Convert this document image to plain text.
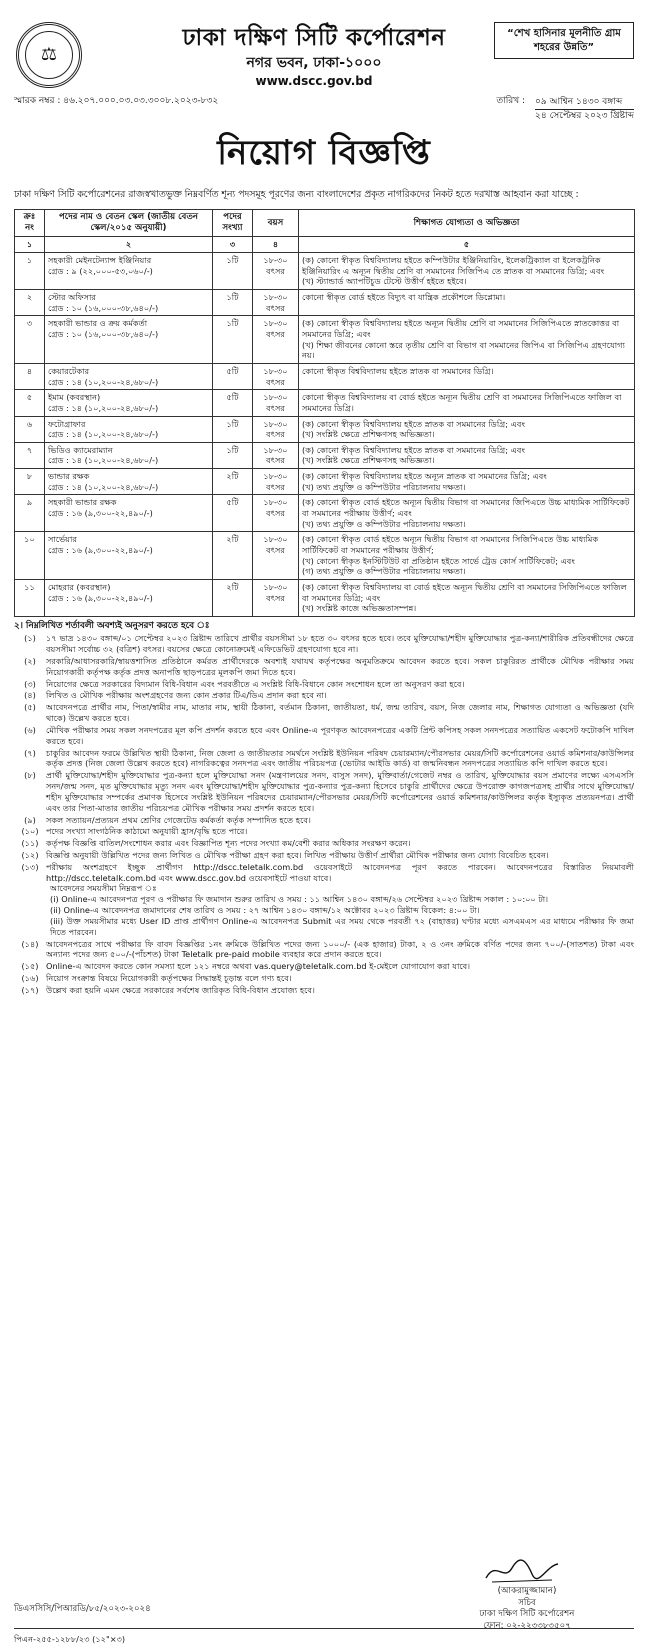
⚖
ঢাকা দক্ষিণ সিটি কর্পোরেশন
নগর ভবন, ঢাকা-১০০০
www.dscc.gov.bd
“শেখ হাসিনার মূলনীতি গ্রাম শহরের উন্নতি”
স্মারক নম্বর : ৪৬.২০৭.০০০.০৩.০৩.৩০০৮.২০২৩-৮৩২	তারিখ : ০৯ আশ্বিন ১৪৩০ বঙ্গাব্দ
২৪ সেপ্টেম্বর ২০২৩ খ্রিষ্টাব্দ
নিয়োগ বিজ্ঞপ্তি
ঢাকা দক্ষিণ সিটি কর্পোরেশনের রাজস্বখাতভুক্ত নিম্নবর্ণিত শূন্য পদসমূহ পূরণের জন্য বাংলাদেশের প্রকৃত নাগরিকদের নিকট হতে দরখাস্ত আহবান করা যাচ্ছে :
ক্রঃ নং	পদের নাম ও বেতন স্কেল (জাতীয় বেতন স্কেল/২০১৫ অনুযায়ী)	পদের সংখ্যা	বয়স	শিক্ষাগত যোগ্যতা ও অভিজ্ঞতা
১	২	৩	৪	৫
১	সহকারী মেইনটেন্যান্স ইঞ্জিনিয়ার
গ্রেড : ৯ (২২,০০০-৫৩,০৬০/-)	১টি	১৮-৩০ বৎসর	(ক) কোনো স্বীকৃত বিশ্ববিদ্যালয় হইতে কম্পিউটার ইঞ্জিনিয়ারিং, ইলেকট্রিক্যাল বা ইলেকট্রনিক ইঞ্জিনিয়ারিং এ অন্যূন দ্বিতীয় শ্রেণি বা সমমানের সিজিপিএ তে স্নাতক বা সমমানের ডিগ্রি; এবং
(খ) স্ট্যান্ডার্ড অ্যাপটিচুড টেস্টে উত্তীর্ণ হইতে হইবে।

২	স্টোর অফিসার
গ্রেড : ১০ (১৬,০০০-৩৮,৬৪০/-)	১টি	১৮-৩০ বৎসর	কোনো স্বীকৃত বোর্ড হইতে বিদ্যুৎ বা যান্ত্রিক প্রকৌশলে ডিপ্লোমা।

৩	সহকারী ভান্ডার ও ক্রয় কর্মকর্তা
গ্রেড : ১০ (১৬,০০০-৩৮,৬৪০/-)	১টি	১৮-৩০ বৎসর	(ক) কোনো স্বীকৃত বিশ্ববিদ্যালয় হইতে অন্যূন দ্বিতীয় শ্রেণি বা সমমানের সিজিপিএতে স্নাতকোত্তর বা সমমানের ডিগ্রি; এবং
(খ) শিক্ষা জীবনের কোনো স্তরে তৃতীয় শ্রেণি বা বিভাগ বা সমমানের জিপিএ বা সিজিপিএ গ্রহণযোগ্য নয়।

৪	কেয়ারটেকার
গ্রেড : ১৪ (১০,২০০-২৪,৬৮০/-)	৫টি	১৮-৩০ বৎসর	কোনো স্বীকৃত বিশ্ববিদ্যালয় হইতে স্নাতক বা সমমানের ডিগ্রি।

৫	ইমাম (কবরস্থান)
গ্রেড : ১৪ (১০,২০০-২৪,৬৮০/-)	৫টি	১৮-৩০ বৎসর	কোনো স্বীকৃত বিশ্ববিদ্যালয় বা বোর্ড হইতে অন্যূন দ্বিতীয় শ্রেণি বা সমমানের সিজিপিএতে ফাজিল বা সমমানের ডিগ্রি।

৬	ফটোগ্রাফার
গ্রেড : ১৪ (১০,২০০-২৪,৬৮০/-)	১টি	১৮-৩০ বৎসর	(ক) কোনো স্বীকৃত বিশ্ববিদ্যালয় হইতে স্নাতক বা সমমানের ডিগ্রি; এবং
(খ) সংশ্লিষ্ট ক্ষেত্রে প্রশিক্ষণসহ অভিজ্ঞতা।

৭	ভিডিও ক্যামেরাম্যান
গ্রেড : ১৪ (১০,২০০-২৪,৬৮০/-)	১টি	১৮-৩০ বৎসর	(ক) কোনো স্বীকৃত বিশ্ববিদ্যালয় হইতে স্নাতক বা সমমানের ডিগ্রি; এবং
(খ) সংশ্লিষ্ট ক্ষেত্রে প্রশিক্ষণসহ অভিজ্ঞতা।

৮	ভান্ডার রক্ষক
গ্রেড : ১৪ (১০,২০০-২৪,৬৮০/-)	২টি	১৮-৩০ বৎসর	(ক) কোনো স্বীকৃত বিশ্ববিদ্যালয় হইতে অন্যূন স্নাতক বা সমমানের ডিগ্রি; এবং
(খ) তথ্য প্রযুক্তি ও কম্পিউটার পরিচালনায় দক্ষতা।

৯	সহকারী ভান্ডার রক্ষক
গ্রেড : ১৬ (৯,৩০০-২২,৪৯০/-)	৫টি	১৮-৩০ বৎসর	(ক) কোনো স্বীকৃত বোর্ড হইতে অন্যূন দ্বিতীয় বিভাগ বা সমমানের জিপিএতে উচ্চ মাধ্যমিক সার্টিফিকেট বা সমমানের পরীক্ষায় উত্তীর্ণ; এবং
(খ) তথ্য প্রযুক্তি ও কম্পিউটার পরিচালনায় দক্ষতা।

১০	সার্ভেয়ার
গ্রেড : ১৬ (৯,৩০০-২২,৪৯০/-)	২টি	১৮-৩০ বৎসর	(ক) কোনো স্বীকৃত বোর্ড হইতে অন্যূন দ্বিতীয় বিভাগ বা সমমানের সিজিপিএতে উচ্চ মাধ্যমিক সার্টিফিকেট বা সমমানের পরীক্ষায় উত্তীর্ণ;
(খ) কোনো স্বীকৃত ইনস্টিটিউট বা প্রতিষ্ঠান হইতে সার্ভে ট্রেড কোর্স সার্টিফিকেট; এবং
(গ) তথ্য প্রযুক্তি ও কম্পিউটার পরিচালনায় দক্ষতা।

১১	মোহরার (কবরস্থান)
গ্রেড : ১৬ (৯,৩০০-২২,৪৯০/-)	২টি	১৮-৩০ বৎসর	(ক) কোনো স্বীকৃত বিশ্ববিদ্যালয় বা বোর্ড হইতে অন্যূন দ্বিতীয় শ্রেণি বা সমমানের সিজিপিএতে ফাজিল বা সমমানের ডিগ্রি; এবং
(খ) সংশ্লিষ্ট কাজে অভিজ্ঞতাসম্পন্ন।
২। নিম্নলিখিত শর্তাবলী অবশ্যই অনুসরণ করতে হবে ঃ
(১)	১৭ ভাদ্র ১৪৩০ বঙ্গাব্দ/০১ সেপ্টেম্বর ২০২৩ খ্রিষ্টাব্দ তারিখে প্রার্থীর বয়সসীমা ১৮ হতে ৩০ বৎসর হতে হবে। তবে মুক্তিযোদ্ধা/শহীদ মুক্তিযোদ্ধার পুত্র-কন্যা/শারীরিক প্রতিবন্ধীদের ক্ষেত্রে বয়সসীমা সর্বোচ্চ ৩২ (বত্রিশ) বৎসর। বয়সের ক্ষেত্রে কোনোক্রমেই এফিডেভিট গ্রহণযোগ্য হবে না।
(২)	সরকারি/আধাসরকারি/স্বায়ত্তশাসিত প্রতিষ্ঠানে কর্মরত প্রার্থীদেরকে অবশ্যই যথাযথ কর্তৃপক্ষের অনুমতিক্রমে আবেদন করতে হবে। সকল চাকুরিরত প্রার্থীকে মৌখিক পরীক্ষার সময় নিয়োগকারী কর্তৃপক্ষ কর্তৃক প্রদত্ত অনাপত্তি ছাড়পত্রের মূলকপি জমা দিতে হবে।
(৩)	নিয়োগের ক্ষেত্রে সরকারের বিদ্যমান বিধি-বিধান এবং পরবর্তীতে এ সংশ্লিষ্ট বিধি-বিধানে কোন সংশোধন হলে তা অনুসরণ করা হবে।
(৪)	লিখিত ও মৌখিক পরীক্ষায় অংশগ্রহণের জন্য কোন প্রকার টিএ/ডিএ প্রদান করা হবে না।
(৫)	আবেদনপত্রে প্রার্থীর নাম, পিতা/স্বামীর নাম, মাতার নাম, স্থায়ী ঠিকানা, বর্তমান ঠিকানা, জাতীয়তা, ধর্ম, জন্ম তারিখ, বয়স, নিজ জেলার নাম, শিক্ষাগত যোগ্যতা ও অভিজ্ঞতা (যদি থাকে) উল্লেখ করতে হবে।
(৬)	মৌখিক পরীক্ষার সময় সকল সনদপত্রের মূল কপি প্রদর্শন করতে হবে এবং Online-এ পূরণকৃত আবেদনপত্রের একটি প্রিন্ট কপিসহ সকল সনদপত্রের সত্যায়িত একসেট ফটোকপি দাখিল করতে হবে।
(৭)	চাকুরির আবেদন ফরমে উল্লিখিত স্থায়ী ঠিকানা, নিজ জেলা ও জাতীয়তার সমর্থনে সংশ্লিষ্ট ইউনিয়ন পরিষদ চেয়ারম্যান/পৌরসভার মেয়র/সিটি কর্পোরেশনের ওয়ার্ড কমিশনার/কাউন্সিলর কর্তৃক প্রদত্ত (নিজ জেলা উল্লেখ করতে হবে) নাগরিকত্বের সনদপত্র এবং জাতীয় পরিচয়পত্র (ভোটার আইডি কার্ড) বা জন্মনিবন্ধন সনদপত্রের সত্যায়িত কপি দাখিল করতে হবে।
(৮)	প্রার্থী মুক্তিযোদ্ধা/শহীদ মুক্তিযোদ্ধার পুত্র-কন্যা হলে মুক্তিযোদ্ধা সনদ (মন্ত্রণালয়ের সনদ, বাসুস সনদ), মুক্তিবার্তা/গেজেট নম্বর ও তারিখ, মুক্তিযোদ্ধার বয়স প্রমাণের লক্ষ্যে এসএসসি সনদ/জন্ম সনদ, মৃত মুক্তিযোদ্ধার মৃত্যু সনদ এবং মুক্তিযোদ্ধা/শহীদ মুক্তিযোদ্ধার পুত্র-কন্যার পুত্র-কন্যা হিসেবে চাকুরি প্রার্থীদের ক্ষেত্রে উপরোক্ত কাগজপত্রসহ প্রার্থীর সাথে মুক্তিযোদ্ধা/শহীদ মুক্তিযোদ্ধার সম্পর্কের প্রমাণক হিসেবে সংশ্লিষ্ট ইউনিয়ন পরিষদের চেয়ারম্যান/পৌরসভার মেয়র/সিটি কর্পোরেশনের ওয়ার্ড কমিশনার/কাউন্সিলর কর্তৃক ইস্যুকৃত প্রত্যয়নপত্র। প্রার্থী এবং তার পিতা-মাতার জাতীয় পরিচয়পত্র মৌখিক পরীক্ষার সময় প্রদর্শন করতে হবে।
(৯)	সকল সত্যায়ন/প্রত্যয়ন প্রথম শ্রেণির গেজেটেড কর্মকর্তা কর্তৃক সম্পাদিত হতে হবে।
(১০) পদের সংখ্যা সাংগঠনিক কাঠামো অনুযায়ী হ্রাস/বৃদ্ধি হতে পারে।
(১১) কর্তৃপক্ষ বিজ্ঞপ্তি বাতিল/সংশোধন করার এবং বিজ্ঞাপিত শূন্য পদের সংখ্যা কম/বেশী করার অধিকার সংরক্ষণ করেন।
(১২) বিজ্ঞপ্তি অনুযায়ী উল্লিখিত পদের জন্য লিখিত ও মৌখিক পরীক্ষা গ্রহণ করা হবে। লিখিত পরীক্ষায় উত্তীর্ণ প্রার্থীরা মৌখিক পরীক্ষার জন্য যোগ্য বিবেচিত হবেন।
(১৩) পরীক্ষায় অংশগ্রহণে ইচ্ছুক প্রার্থীগণ http://dscc.teletalk.com.bd ওয়েবসাইটে আবেদনপত্র পূরণ করতে পারবেন। আবেদনপত্রের বিস্তারিত নিয়মাবলী http://dscc.teletalk.com.bd এবং www.dscc.gov.bd ওয়েবসাইটে পাওয়া যাবে।
আবেদনের সময়সীমা নিম্নরূপ ঃ
(i) Online-এ আবেদনপত্র পূরণ ও পরীক্ষার ফি জমাদান শুরুর তারিখ ও সময় : ১১ আশ্বিন ১৪৩০ বঙ্গাব্দ/২৬ সেপ্টেম্বর ২০২৩ খ্রিষ্টাব্দ সকাল : ১০:০০ টা।
(ii) Online-এ আবেদনপত্র জমাদানের শেষ তারিখ ও সময় : ২৭ আশ্বিন ১৪৩০ বঙ্গাব্দ/১২ অক্টোবর ২০২৩ খ্রিষ্টাব্দ বিকেল: ৪:০০ টা।
(iii) উক্ত সময়সীমার মধ্যে User ID প্রাপ্ত প্রার্থীগণ Online-এ আবেদনপত্র Submit এর সময় থেকে পরবর্তী ৭২ (বাহাত্তর) ঘণ্টার মধ্যে এসএমএস এর মাধ্যমে পরীক্ষার ফি জমা দিতে পারবেন।
(১৪) আবেদনপত্রের সাথে পরীক্ষার ফি বাবদ বিজ্ঞপ্তির ১নং ক্রমিকে উল্লিখিত পদের জন্য ১০০০/- (এক হাজার) টাকা, ২ ও ৩নং ক্রমিকে বর্ণিত পদের জন্য ৭০০/-(সাতশত) টাকা এবং অন্যান্য পদের জন্য ৫০০/-(পাঁচশত) টাকা Teletalk pre-paid mobile ব্যবহার করে প্রদান করতে হবে।
(১৫) Online-এ আবেদন করতে কোন সমস্যা হলে ১২১ নম্বরে অথবা vas.query@teletalk.com.bd ই-মেইলে যোগাযোগ করা যাবে।
(১৬) নিয়োগ সংক্রান্ত বিষয়ে নিয়োগকারী কর্তৃপক্ষের সিদ্ধান্তই চূড়ান্ত বলে গণ্য হবে।
(১৭) উল্লেখ করা হয়নি এমন ক্ষেত্রে সরকারের সর্বশেষ জারিকৃত বিধি-বিধান প্রযোজ্য হবে।
(আকরামুজ্জামান)
সচিব
ঢাকা দক্ষিণ সিটি কর্পোরেশন
ফোন: ০২-২২৩৩৮৩৫০৭
ডিএসসিসি/পিআরডি/৮৫/২০২৩-২০২৪
পিএন-২৫৫-১২৮৮/২৩ (১২"×৩)
